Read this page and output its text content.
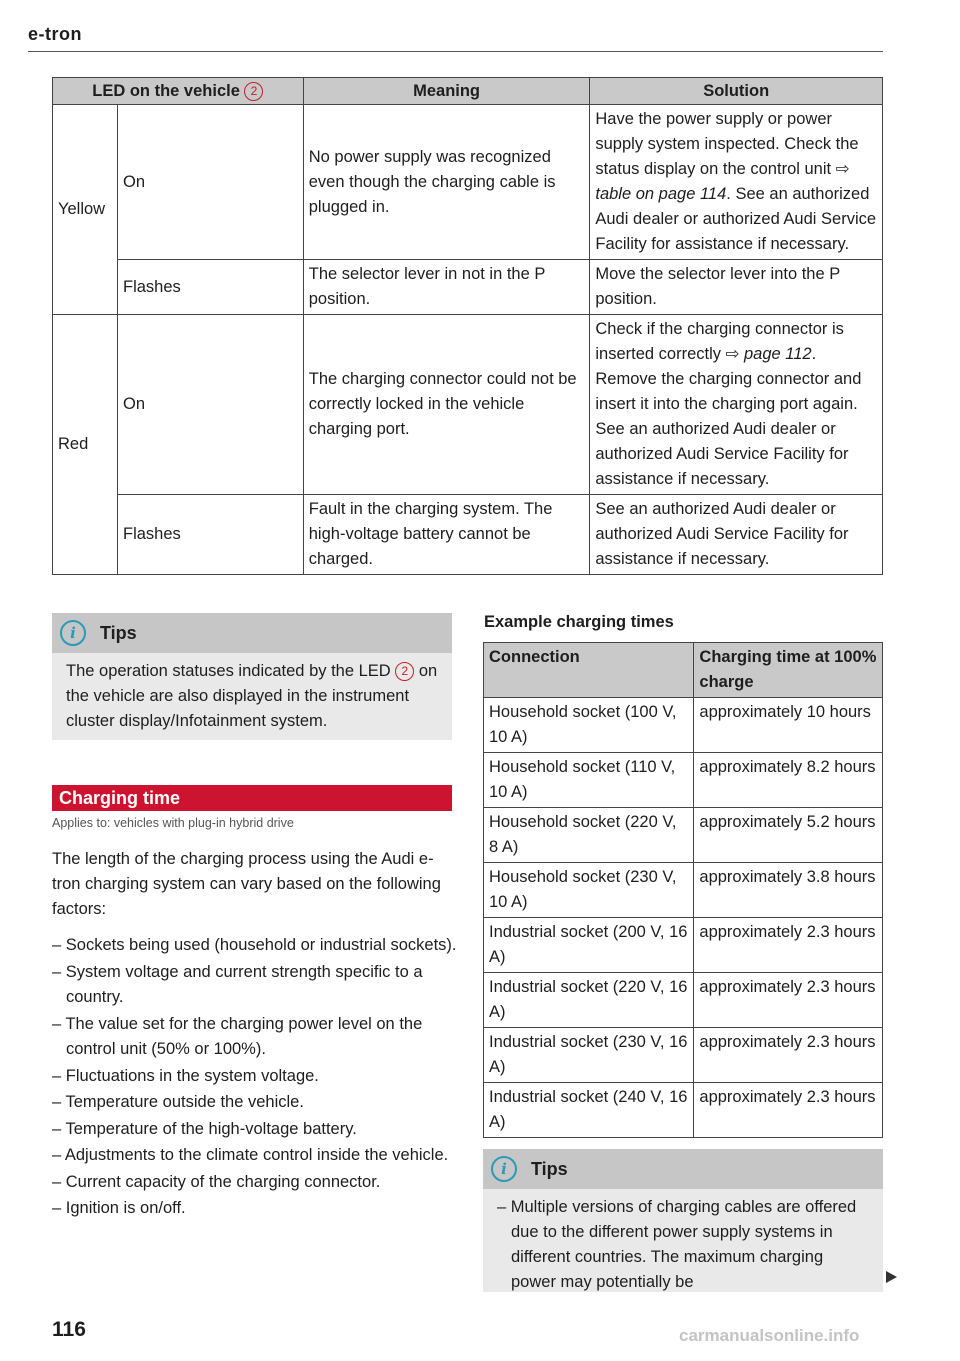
e-tron
LED on the vehicle 2		Meaning	Solution
Yellow	On	No power supply was recognized even though the charging cable is plugged in.	Have the power supply or power supply system inspected. Check the status display on the control unit ⇨ table on page 114. See an authorized Audi dealer or authorized Audi Service Facility for assistance if necessary.
	Flashes	The selector lever in not in the P position.	Move the selector lever into the P position.
Red	On	The charging connector could not be correctly locked in the vehicle charging port.	Check if the charging connector is inserted correctly ⇨ page 112. Remove the charging connector and insert it into the charging port again. See an authorized Audi dealer or authorized Audi Service Facility for assistance if necessary.
	Flashes	Fault in the charging system. The high-voltage battery cannot be charged.	See an authorized Audi dealer or authorized Audi Service Facility for assistance if necessary.
i	Tips
The operation statuses indicated by the LED 2 on the vehicle are also displayed in the instrument cluster display/Infotainment system.
Charging time
Applies to: vehicles with plug-in hybrid drive
The length of the charging process using the Audi e-tron charging system can vary based on the following factors:
– Sockets being used (household or industrial sockets).
– System voltage and current strength specific to a country.
– The value set for the charging power level on the control unit (50% or 100%).
– Fluctuations in the system voltage.
– Temperature outside the vehicle.
– Temperature of the high-voltage battery.
– Adjustments to the climate control inside the vehicle.
– Current capacity of the charging connector.
– Ignition is on/off.
116
Example charging times
Connection	Charging time at 100% charge
Household socket (100 V, 10 A)	approximately 10 hours
Household socket (110 V, 10 A)	approximately 8.2 hours
Household socket (220 V, 8 A)	approximately 5.2 hours
Household socket (230 V, 10 A)	approximately 3.8 hours
Industrial socket (200 V, 16 A)	approximately 2.3 hours
Industrial socket (220 V, 16 A)	approximately 2.3 hours
Industrial socket (230 V, 16 A)	approximately 2.3 hours
Industrial socket (240 V, 16 A)	approximately 2.3 hours
i	Tips
– Multiple versions of charging cables are offered due to the different power supply systems in different countries. The maximum charging power may potentially be
carmanualsonline.info
